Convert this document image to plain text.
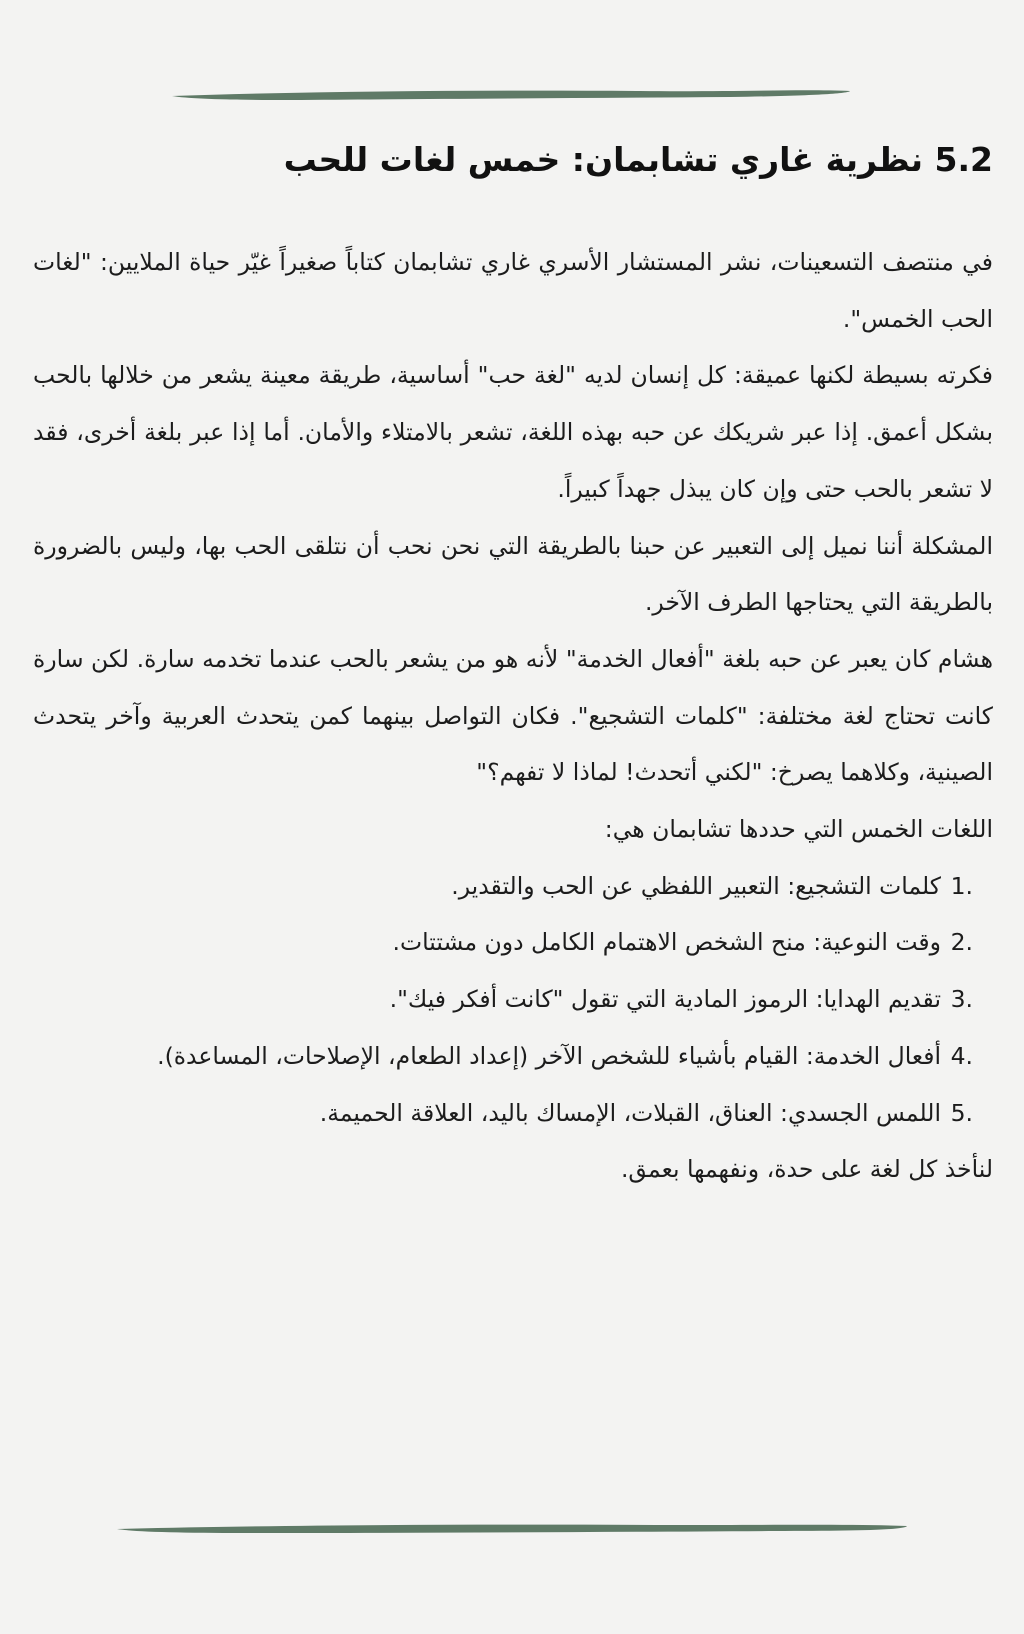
5.2 نظرية غاري تشابمان: خمس لغات للحب

في منتصف التسعينات، نشر المستشار الأسري غاري تشابمان كتاباً صغيراً غيّر حياة الملايين: "لغات الحب الخمس".

فكرته بسيطة لكنها عميقة: كل إنسان لديه "لغة حب" أساسية، طريقة معينة يشعر من خلالها بالحب بشكل أعمق. إذا عبر شريكك عن حبه بهذه اللغة، تشعر بالامتلاء والأمان. أما إذا عبر بلغة أخرى، فقد لا تشعر بالحب حتى وإن كان يبذل جهداً كبيراً.

المشكلة أننا نميل إلى التعبير عن حبنا بالطريقة التي نحن نحب أن نتلقى الحب بها، وليس بالضرورة بالطريقة التي يحتاجها الطرف الآخر.

هشام كان يعبر عن حبه بلغة "أفعال الخدمة" لأنه هو من يشعر بالحب عندما تخدمه سارة. لكن سارة كانت تحتاج لغة مختلفة: "كلمات التشجيع". فكان التواصل بينهما كمن يتحدث العربية وآخر يتحدث الصينية، وكلاهما يصرخ: "لكني أتحدث! لماذا لا تفهم؟"

اللغات الخمس التي حددها تشابمان هي:

1.
كلمات التشجيع: التعبير اللفظي عن الحب والتقدير.
2.
وقت النوعية: منح الشخص الاهتمام الكامل دون مشتتات.
3.
تقديم الهدايا: الرموز المادية التي تقول "كانت أفكر فيك".
4.
أفعال الخدمة: القيام بأشياء للشخص الآخر (إعداد الطعام، الإصلاحات، المساعدة).
5.
اللمس الجسدي: العناق، القبلات، الإمساك باليد، العلاقة الحميمة.

لنأخذ كل لغة على حدة، ونفهمها بعمق.
